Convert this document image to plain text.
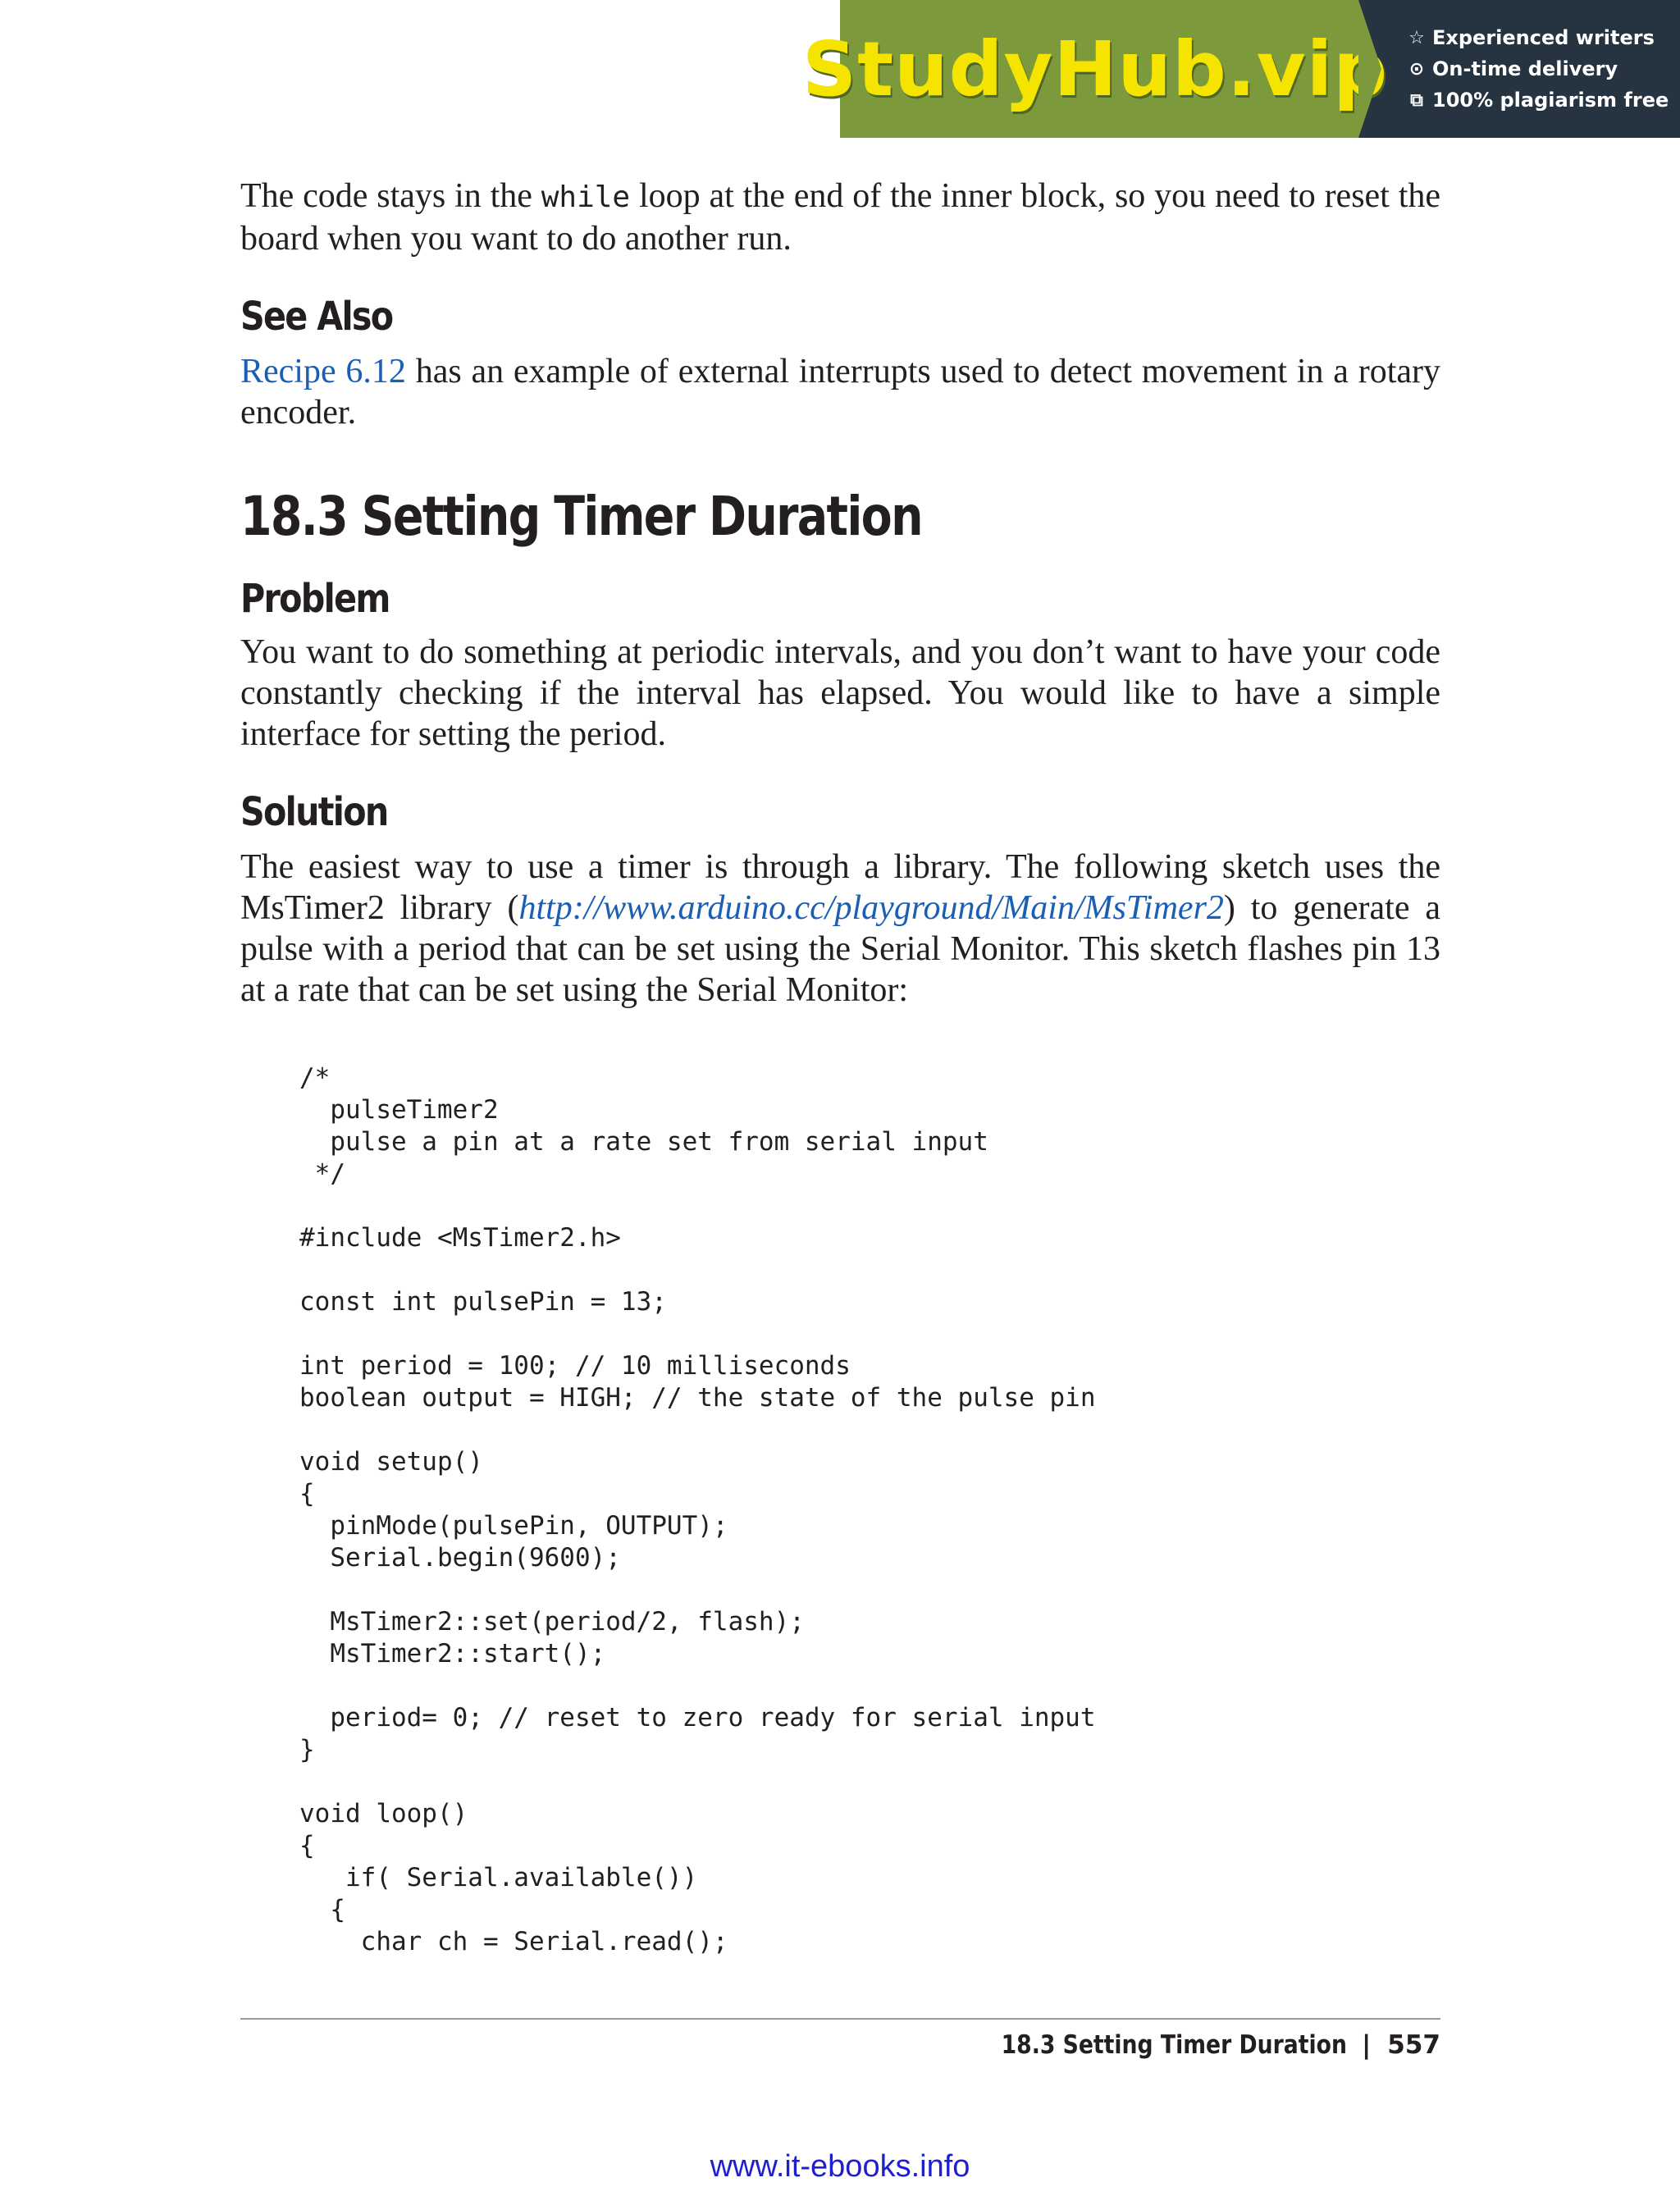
StudyHub.vip ☆ Experienced writers
⊙ On-time delivery
⧉ 100% plagiarism free

The code stays in the while loop at the end of the inner block, so you need to reset the board when you want to do another run.

See Also

Recipe 6.12 has an example of external interrupts used to detect movement in a rotary encoder.

18.3 Setting Timer Duration
Problem

You want to do something at periodic intervals, and you don’t want to have your code constantly checking if the interval has elapsed. You would like to have a simple interface for setting the period.

Solution

The easiest way to use a timer is through a library. The following sketch uses the MsTimer2 library (http://www.arduino.cc/playground/Main/MsTimer2) to generate a pulse with a period that can be set using the Serial Monitor. This sketch flashes pin 13 at a rate that can be set using the Serial Monitor:

/*
pulseTimer2
pulse a pin at a rate set from serial input
*/

#include <MsTimer2.h>

const int pulsePin = 13;

int period = 100; // 10 milliseconds
boolean output = HIGH; // the state of the pulse pin

void setup()
{
pinMode(pulsePin, OUTPUT);
Serial.begin(9600);

MsTimer2::set(period/2, flash);
MsTimer2::start();

period= 0; // reset to zero ready for serial input
}

void loop()
{
if( Serial.available())
{
char ch = Serial.read();
18.3 Setting Timer Duration | 557
www.it-ebooks.info
